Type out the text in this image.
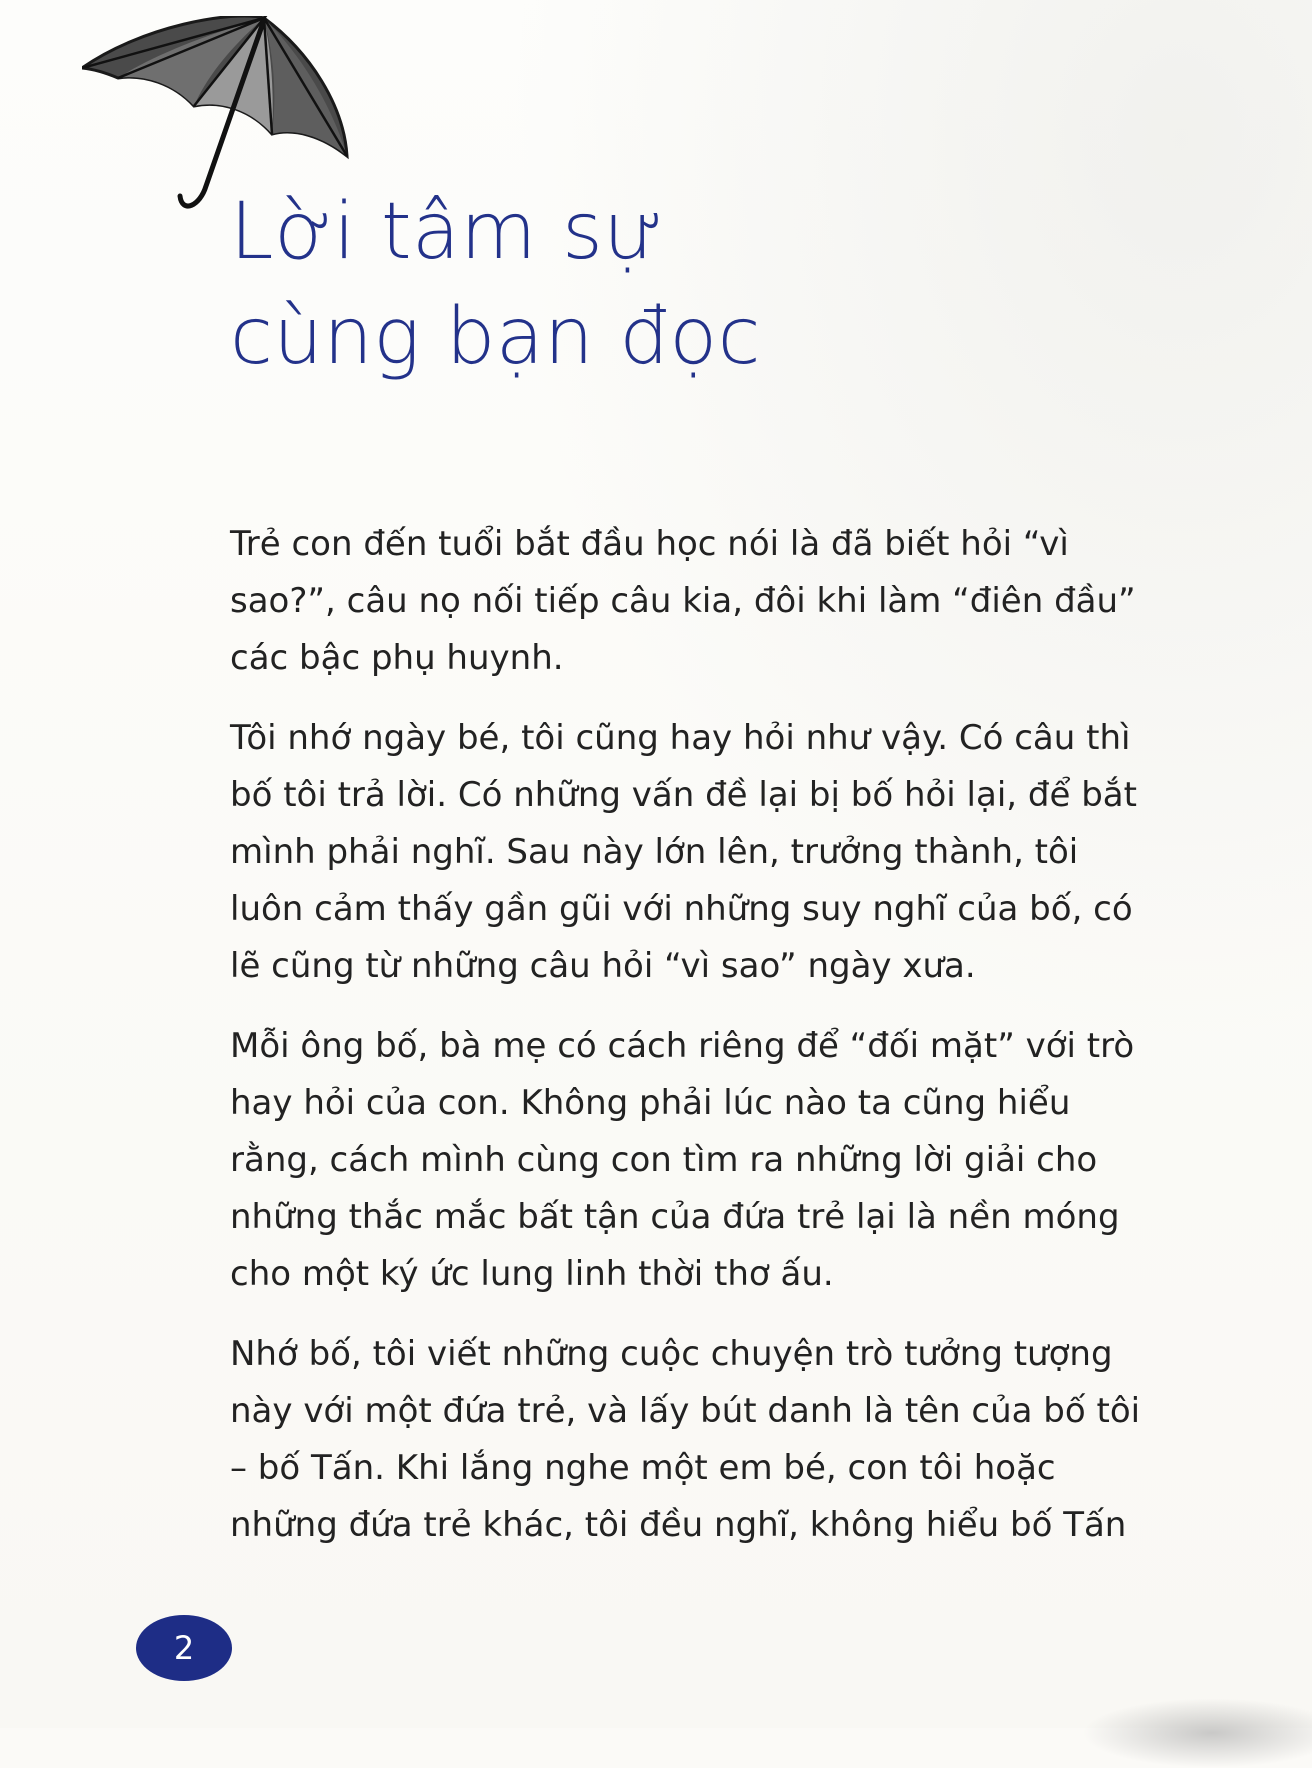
Lời tâm sự
cùng bạn đọc

Trẻ con đến tuổi bắt đầu học nói là đã biết hỏi “vì sao?”, câu nọ nối tiếp câu kia, đôi khi làm “điên đầu” các bậc phụ huynh.

Tôi nhớ ngày bé, tôi cũng hay hỏi như vậy. Có câu thì bố tôi trả lời. Có những vấn đề lại bị bố hỏi lại, để bắt mình phải nghĩ. Sau này lớn lên, trưởng thành, tôi luôn cảm thấy gần gũi với những suy nghĩ của bố, có lẽ cũng từ những câu hỏi “vì sao” ngày xưa.

Mỗi ông bố, bà mẹ có cách riêng để “đối mặt” với trò hay hỏi của con. Không phải lúc nào ta cũng hiểu rằng, cách mình cùng con tìm ra những lời giải cho những thắc mắc bất tận của đứa trẻ lại là nền móng cho một ký ức lung linh thời thơ ấu.

Nhớ bố, tôi viết những cuộc chuyện trò tưởng tượng này với một đứa trẻ, và lấy bút danh là tên của bố tôi – bố Tấn. Khi lắng nghe một em bé, con tôi hoặc những đứa trẻ khác, tôi đều nghĩ, không hiểu bố Tấn

2
